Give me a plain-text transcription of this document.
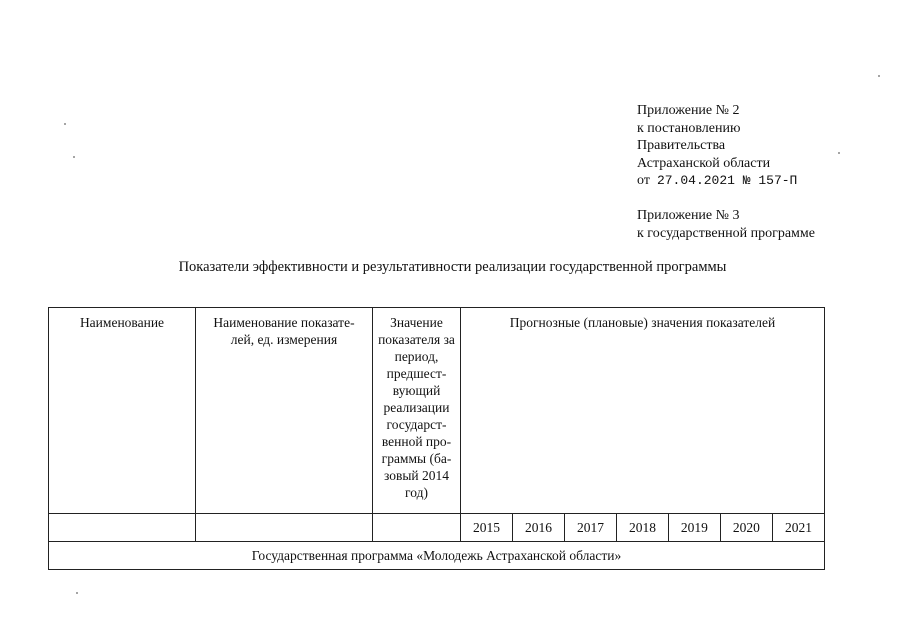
Приложение № 2
к постановлению
Правительства
Астраханской области
от 27.04.2021 № 157-П
Приложение № 3
к государственной программе
Показатели эффективности и результативности реализации государственной программы
Наименование	Наименование показате-лей, ед. измерения	Значение показателя за период, предшест-вующий реализации государст-венной про-граммы (ба-зовый 2014 год)	Прогнозные (плановые) значения показателей						
			2015	2016	2017	2018	2019	2020	2021
Государственная программа «Молодежь Астраханской области»									
